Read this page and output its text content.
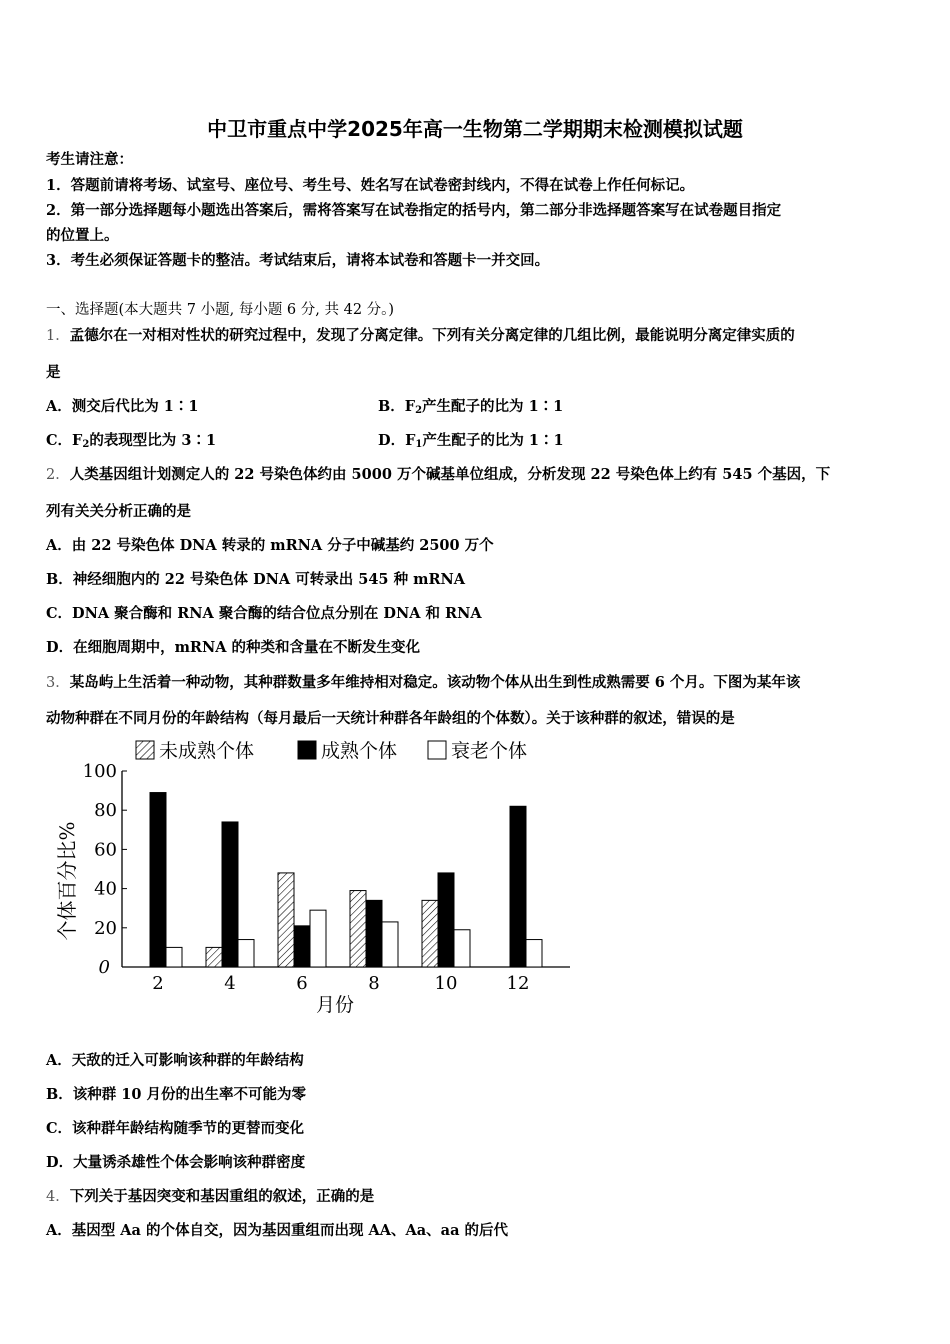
中卫市重点中学2025年高一生物第二学期期末检测模拟试题
考生请注意：
1．答题前请将考场、试室号、座位号、考生号、姓名写在试卷密封线内，不得在试卷上作任何标记。
2．第一部分选择题每小题选出答案后，需将答案写在试卷指定的括号内，第二部分非选择题答案写在试卷题目指定
的位置上。
3．考生必须保证答题卡的整洁。考试结束后，请将本试卷和答题卡一并交回。
一、选择题(本大题共 7 小题, 每小题 6 分, 共 42 分。)
1．孟德尔在一对相对性状的研究过程中，发现了分离定律。下列有关分离定律的几组比例，最能说明分离定律实质的
是
A．测交后代比为 1∶1	B．$F_2$产生配子的比为 1∶1
C．$F_2$的表现型比为 3∶1	D．$F_1$产生配子的比为 1∶1
2．人类基因组计划测定人的 22 号染色体约由 5000 万个碱基单位组成，分析发现 22 号染色体上约有 545 个基因，下
列有关关分析正确的是
A．由 22 号染色体 DNA 转录的 mRNA 分子中碱基约 2500 万个
B．神经细胞内的 22 号染色体 DNA 可转录出 545 种 mRNA
C．DNA 聚合酶和 RNA 聚合酶的结合位点分别在 DNA 和 RNA
D．在细胞周期中，mRNA 的种类和含量在不断发生变化
3．某岛屿上生活着一种动物，其种群数量多年维持相对稳定。该动物个体从出生到性成熟需要 6 个月。下图为某年该
动物种群在不同月份的年龄结构（每月最后一天统计种群各年龄组的个体数）。关于该种群的叙述，错误的是
未成熟个体	成熟个体	衰老个体
0
20
40
60
80
100
个体百分比%
月份
2	4	6	8	10	12
A．天敌的迁入可影响该种群的年龄结构
B．该种群 10 月份的出生率不可能为零
C．该种群年龄结构随季节的更替而变化
D．大量诱杀雄性个体会影响该种群密度
4．下列关于基因突变和基因重组的叙述，正确的是
A．基因型 Aa 的个体自交，因为基因重组而出现 AA、Aa、aa 的后代
